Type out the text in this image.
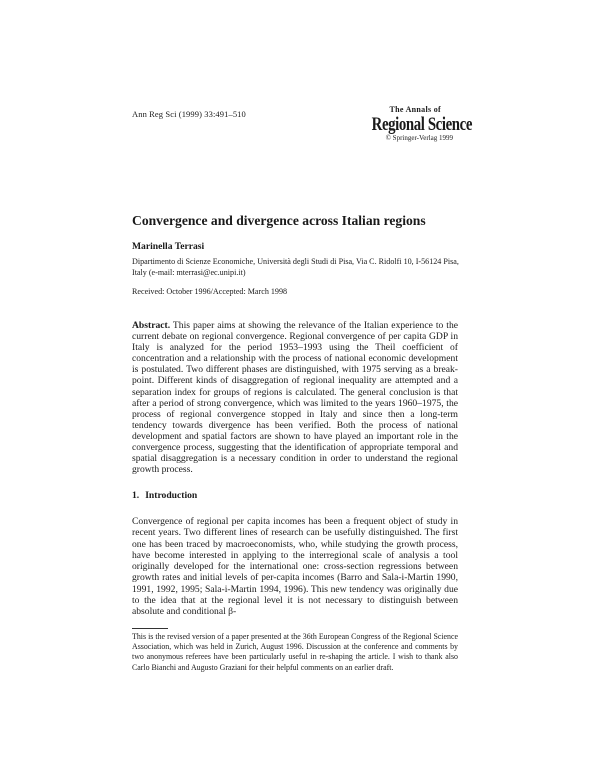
Ann Reg Sci (1999) 33:491–510	The Annals of
Regional Science
© Springer-Verlag 1999
Convergence and divergence across Italian regions
Marinella Terrasi
Dipartimento di Scienze Economiche, Università degli Studi di Pisa, Via C. Ridolfi 10, I-56124 Pisa, Italy (e-mail: mterrasi@ec.unipi.it)
Received: October 1996/Accepted: March 1998
Abstract. This paper aims at showing the relevance of the Italian experience to the current debate on regional convergence. Regional convergence of per capita GDP in Italy is analyzed for the period 1953–1993 using the Theil coefficient of concentration and a relationship with the process of national economic development is postulated. Two different phases are distinguished, with 1975 serving as a break-point. Different kinds of disaggregation of regional inequality are attempted and a separation index for groups of regions is calculated. The general conclusion is that after a period of strong convergence, which was limited to the years 1960–1975, the process of regional convergence stopped in Italy and since then a long-term tendency towards divergence has been verified. Both the process of national development and spatial factors are shown to have played an important role in the convergence process, suggesting that the identification of appropriate temporal and spatial disaggregation is a necessary condition in order to understand the regional growth process.
1. Introduction
Convergence of regional per capita incomes has been a frequent object of study in recent years. Two different lines of research can be usefully distinguished. The first one has been traced by macroeconomists, who, while studying the growth process, have become interested in applying to the interregional scale of analysis a tool originally developed for the international one: cross-section regressions between growth rates and initial levels of per-capita incomes (Barro and Sala-i-Martin 1990, 1991, 1992, 1995; Sala-i-Martin 1994, 1996). This new tendency was originally due to the idea that at the regional level it is not necessary to distinguish between absolute and conditional β-
This is the revised version of a paper presented at the 36th European Congress of the Regional Science Association, which was held in Zurich, August 1996. Discussion at the conference and comments by two anonymous referees have been particularly useful in re-shaping the article. I wish to thank also Carlo Bianchi and Augusto Graziani for their helpful comments on an earlier draft.
